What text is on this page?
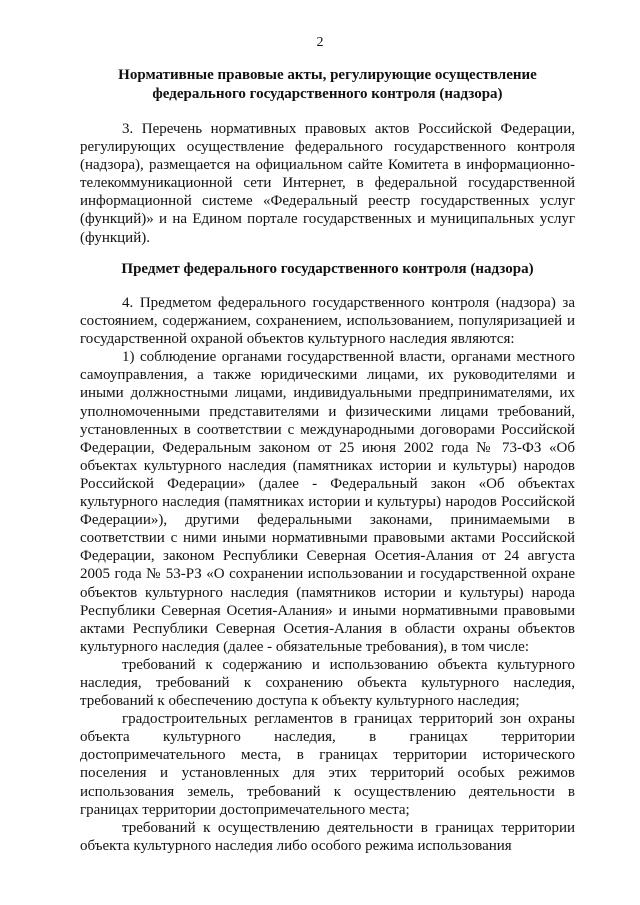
2
Нормативные правовые акты, регулирующие осуществление федерального государственного контроля (надзора)

3. Перечень нормативных правовых актов Российской Федерации, регулирующих осуществление федерального государственного контроля (надзора), размещается на официальном сайте Комитета в информационно-телекоммуникационной сети Интернет, в федеральной государственной информационной системе «Федеральный реестр государственных услуг (функций)» и на Едином портале государственных и муниципальных услуг (функций).

Предмет федерального государственного контроля (надзора)

4. Предметом федерального государственного контроля (надзора) за состоянием, содержанием, сохранением, использованием, популяризацией и государственной охраной объектов культурного наследия являются:

1) соблюдение органами государственной власти, органами местного самоуправления, а также юридическими лицами, их руководителями и иными должностными лицами, индивидуальными предпринимателями, их уполномоченными представителями и физическими лицами требований, установленных в соответствии с международными договорами Российской Федерации, Федеральным законом от 25 июня 2002 года № 73-ФЗ «Об объектах культурного наследия (памятниках истории и культуры) народов Российской Федерации» (далее - Федеральный закон «Об объектах культурного наследия (памятниках истории и культуры) народов Российской Федерации»), другими федеральными законами, принимаемыми в соответствии с ними иными нормативными правовыми актами Российской Федерации, законом Республики Северная Осетия-Алания от 24 августа 2005 года № 53-РЗ «О сохранении использовании и государственной охране объектов культурного наследия (памятников истории и культуры) народа Республики Северная Осетия-Алания» и иными нормативными правовыми актами Республики Северная Осетия-Алания в области охраны объектов культурного наследия (далее - обязательные требования), в том числе:

требований к содержанию и использованию объекта культурного наследия, требований к сохранению объекта культурного наследия, требований к обеспечению доступа к объекту культурного наследия;

градостроительных регламентов в границах территорий зон охраны объекта культурного наследия, в границах территории достопримечательного места, в границах территории исторического поселения и установленных для этих территорий особых режимов использования земель, требований к осуществлению деятельности в границах территории достопримечательного места;

требований к осуществлению деятельности в границах территории объекта культурного наследия либо особого режима использования
